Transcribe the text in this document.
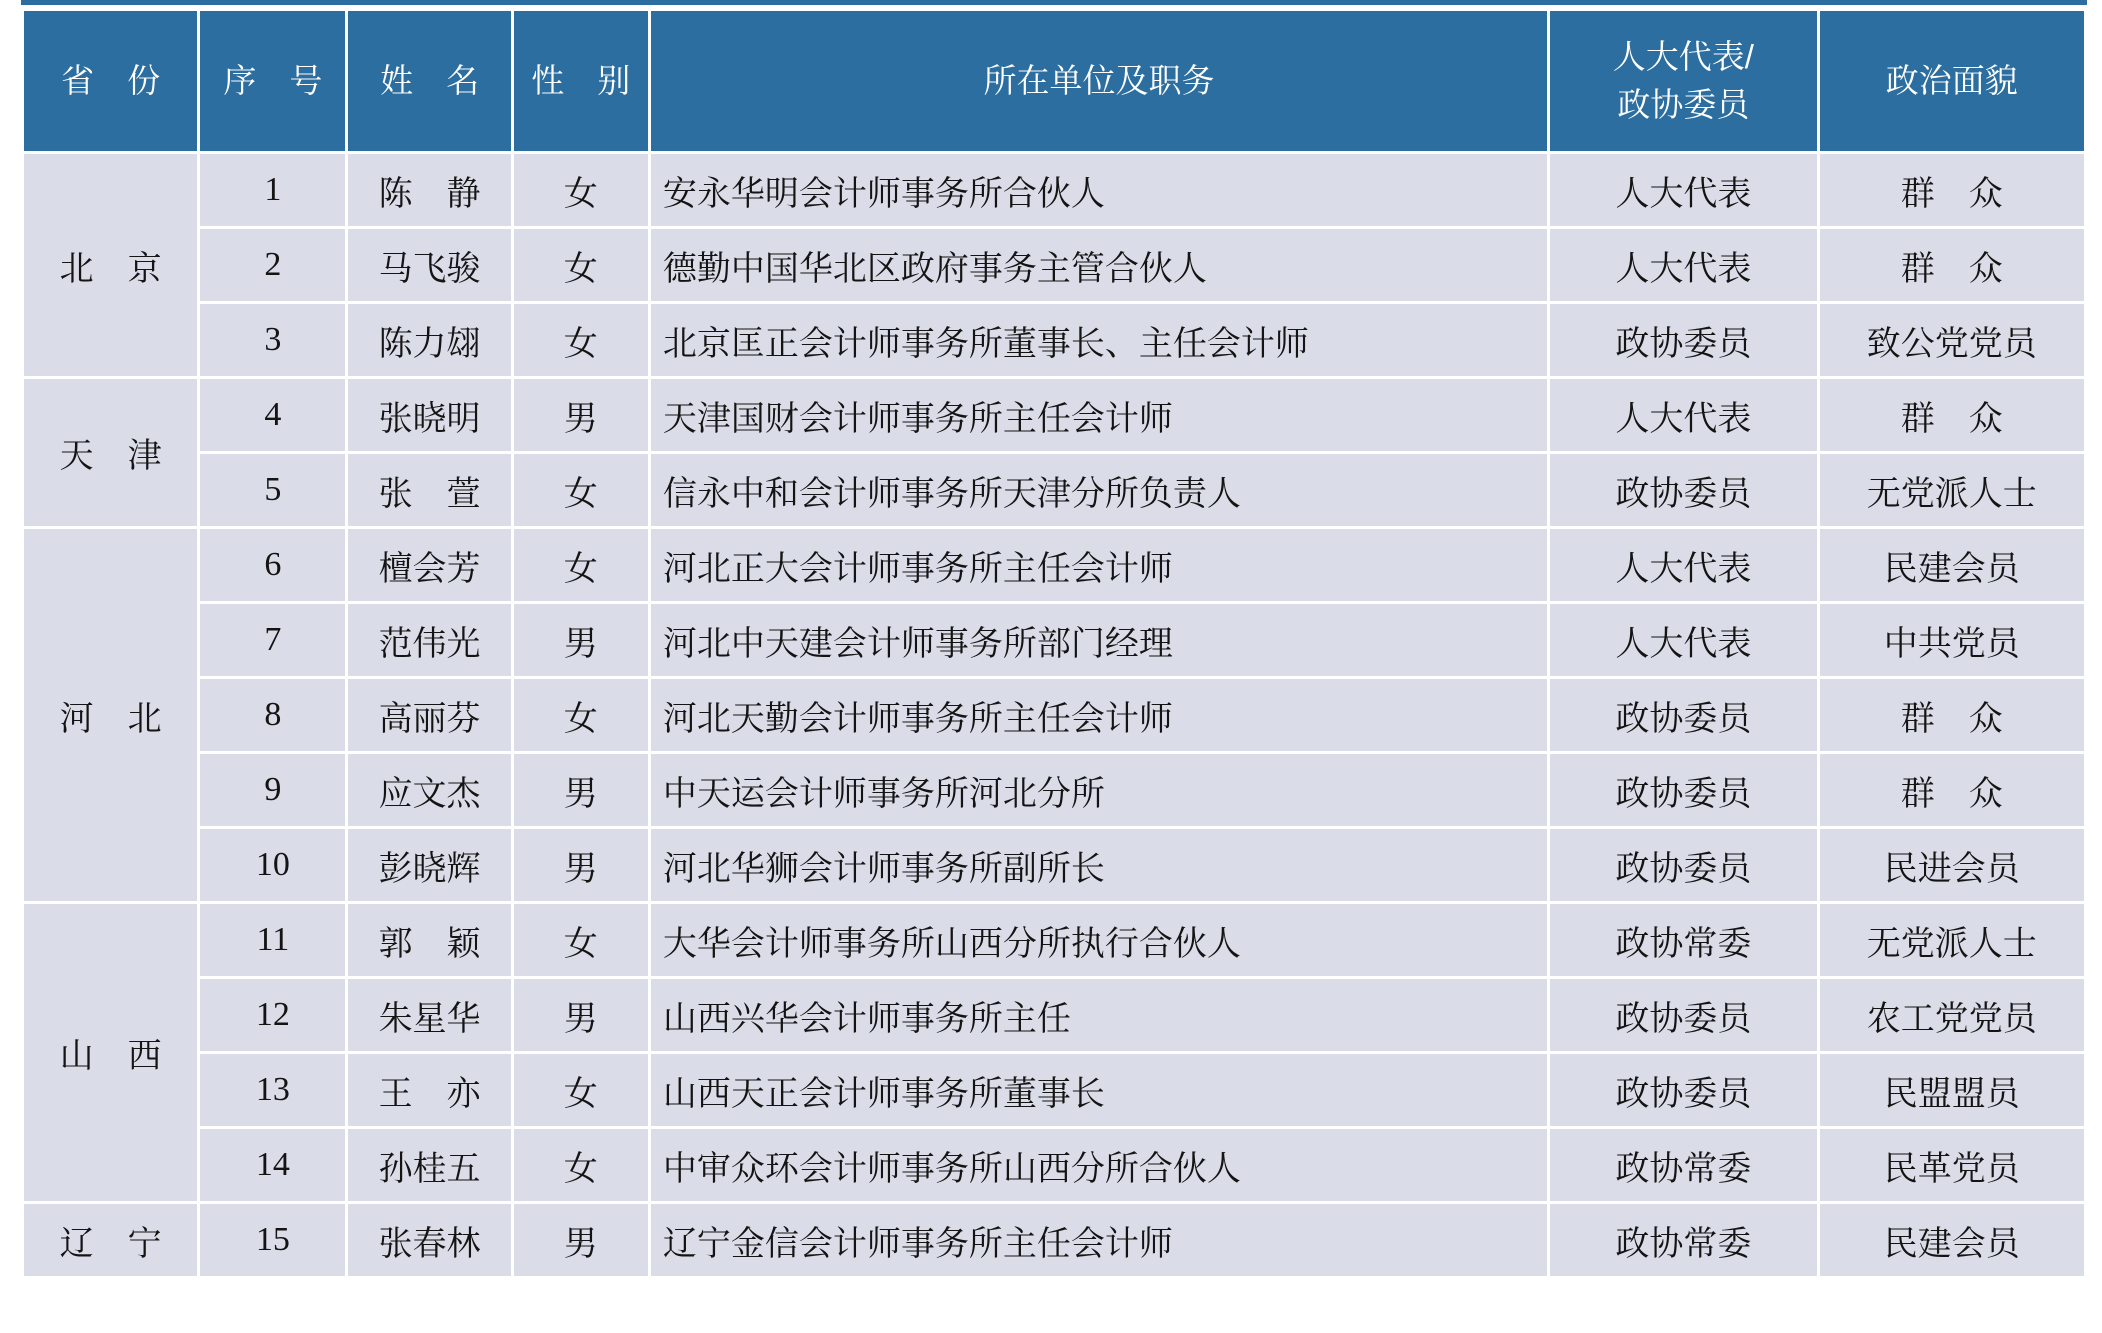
省　份	序　号	姓　名	性　别	所在单位及职务	人大代表/
政协委员	政治面貌
北　京	1	陈　静	女	安永华明会计师事务所合伙人	人大代表	群　众
	2	马飞骏	女	德勤中国华北区政府事务主管合伙人	人大代表	群　众
	3	陈力翃	女	北京匡正会计师事务所董事长、主任会计师	政协委员	致公党党员
天　津	4	张晓明	男	天津国财会计师事务所主任会计师	人大代表	群　众
	5	张　萱	女	信永中和会计师事务所天津分所负责人	政协委员	无党派人士
河　北	6	檀会芳	女	河北正大会计师事务所主任会计师	人大代表	民建会员
	7	范伟光	男	河北中天建会计师事务所部门经理	人大代表	中共党员
	8	高丽芬	女	河北天勤会计师事务所主任会计师	政协委员	群　众
	9	应文杰	男	中天运会计师事务所河北分所	政协委员	群　众
	10	彭晓辉	男	河北华狮会计师事务所副所长	政协委员	民进会员
山　西	11	郭　颖	女	大华会计师事务所山西分所执行合伙人	政协常委	无党派人士
	12	朱星华	男	山西兴华会计师事务所主任	政协委员	农工党党员
	13	王　亦	女	山西天正会计师事务所董事长	政协委员	民盟盟员
	14	孙桂五	女	中审众环会计师事务所山西分所合伙人	政协常委	民革党员
辽　宁	15	张春林	男	辽宁金信会计师事务所主任会计师	政协常委	民建会员
